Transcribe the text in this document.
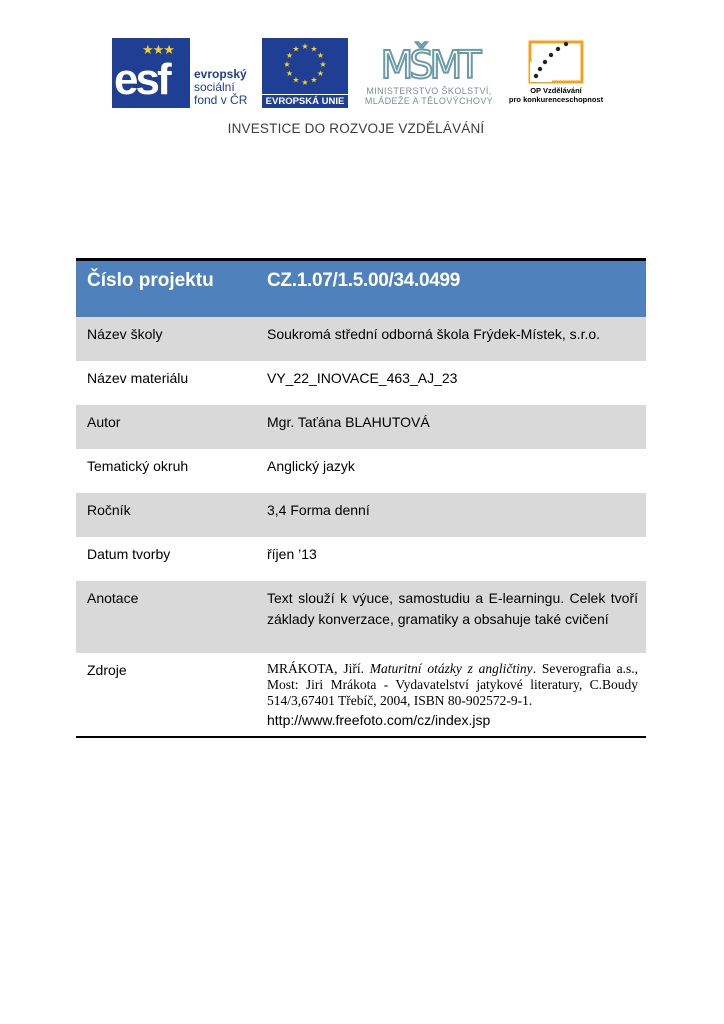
★★★
esf	evropský
sociální
fond v ČR
★ ★
★
★
★
★
★
★
★
★
★
★
EVROPSKÁ UNIE
MŠMT
MINISTERSTVO ŠKOLSTVÍ,
MLÁDEŽE A TĚLOVÝCHOVY
OP Vzdělávání
pro konkurenceschopnost
INVESTICE DO ROZVOJE VZDĚLÁVÁNÍ
Číslo projektu	CZ.1.07/1.5.00/34.0499
Název školy	Soukromá střední odborná škola Frýdek-Místek, s.r.o.
Název materiálu	VY_22_INOVACE_463_AJ_23
Autor	Mgr. Taťána BLAHUTOVÁ
Tematický okruh	Anglický jazyk
Ročník	3,4 Forma denní
Datum tvorby	říjen ’13
Anotace	Text slouží k výuce, samostudiu a E-learningu. Celek tvoří základy konverzace, gramatiky a obsahuje také cvičení
Zdroje	MRÁKOTA, Jiří. Maturitní otázky z angličtiny. Severografia a.s., Most: Jiri Mrákota - Vydavatelství jatykové literatury, C.Boudy 514/3,67401 Třebíč, 2004, ISBN 80-902572-9-1.
http://www.freefoto.com/cz/index.jsp
